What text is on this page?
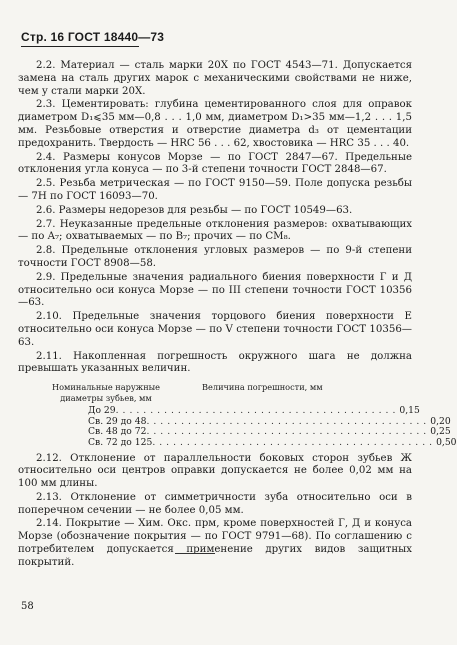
Стр. 16 ГОСТ 18440—73

2.2. Материал — сталь марки 20Х по ГОСТ 4543—71. Допускается замена на сталь других марок с механическими свойствами не ниже, чем у стали марки 20Х.

2.3. Цементировать: глубина цементированного слоя для оправок диаметром D₁⩽35 мм—0,8 . . . 1,0 мм, диаметром D₁>35 мм—1,2 . . . 1,5 мм. Резьбовые отверстия и отверстие диаметра d₃ от цементации предохранить. Твердость — HRC 56 . . . 62, хвостовика — HRC 35 . . . 40.

2.4. Размеры конусов Морзе — по ГОСТ 2847—67. Предельные отклонения угла конуса — по 3-й степени точности ГОСТ 2848—67.

2.5. Резьба метрическая — по ГОСТ 9150—59. Поле допуска резьбы — 7H по ГОСТ 16093—70.

2.6. Размеры недорезов для резьбы — по ГОСТ 10549—63.

2.7. Неуказанные предельные отклонения размеров: охватывающих — по A₇; охватываемых — по B₇; прочих — по CM₈.

2.8. Предельные отклонения угловых размеров — по 9-й степени точности ГОСТ 8908—58.

2.9. Предельные значения радиального биения поверхности Г и Д относительно оси конуса Морзе — по III степени точности ГОСТ 10356—63.

2.10. Предельные значения торцового биения поверхности Е относительно оси конуса Морзе — по V степени точности ГОСТ 10356—63.

2.11. Накопленная погрешность окружного шага не должна превышать указанных величин.

Номинальные наружные диаметры зубьев, мм
Величина погрешности, мм
До 29 ......................................... 0,15
Св. 29 до 48 ......................................... 0,20
Св. 48 до 72 ......................................... 0,25
Св. 72 до 125 ......................................... 0,50

2.12. Отклонение от параллельности боковых сторон зубьев Ж относительно оси центров оправки допускается не более 0,02 мм на 100 мм длины.

2.13. Отклонение от симметричности зуба относительно оси в поперечном сечении — не более 0,05 мм.

2.14. Покрытие — Хим. Окс. прм, кроме поверхностей Г, Д и конуса Морзе (обозначение покрытия — по ГОСТ 9791—68). По соглашению с потребителем допускается применение других видов защитных покрытий.

58
